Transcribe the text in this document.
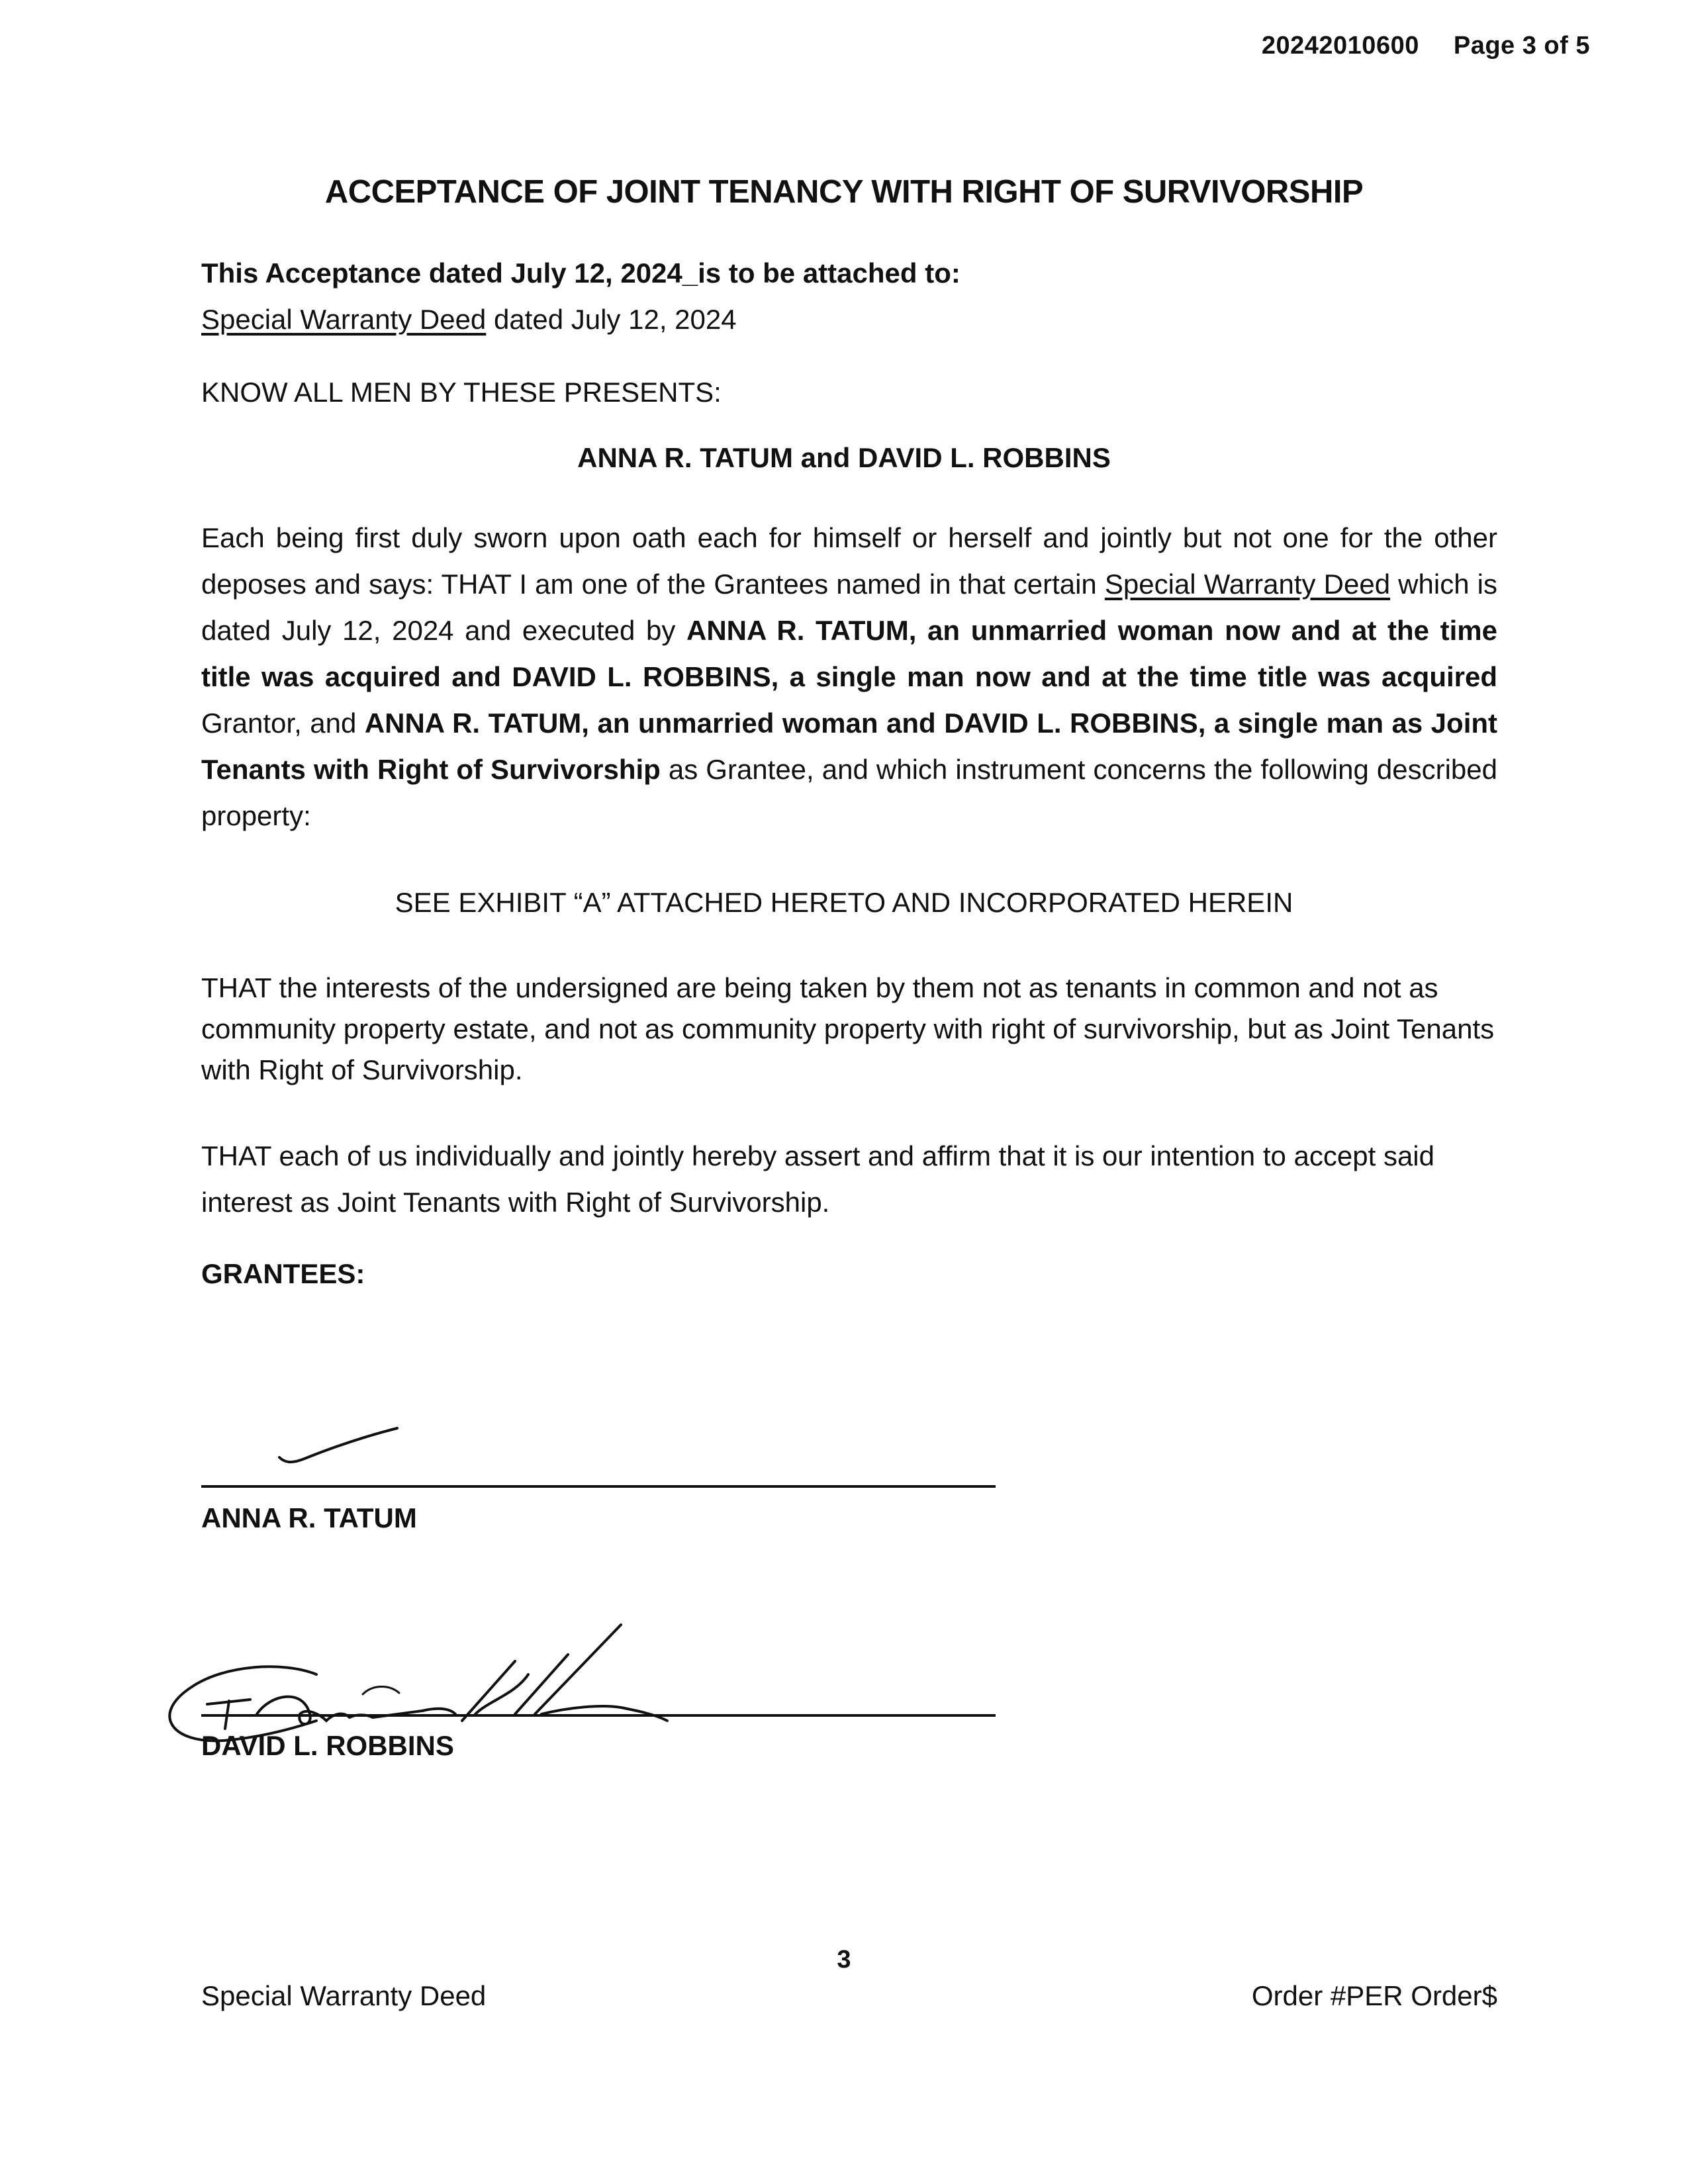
20242010600 Page 3 of 5
ACCEPTANCE OF JOINT TENANCY WITH RIGHT OF SURVIVORSHIP
This Acceptance dated July 12, 2024_is to be attached to:
Special Warranty Deed dated July 12, 2024
KNOW ALL MEN BY THESE PRESENTS:
ANNA R. TATUM and DAVID L. ROBBINS
Each being first duly sworn upon oath each for himself or herself and jointly but not one for the other deposes and says: THAT I am one of the Grantees named in that certain Special Warranty Deed which is dated July 12, 2024 and executed by ANNA R. TATUM, an unmarried woman now and at the time title was acquired and DAVID L. ROBBINS, a single man now and at the time title was acquired Grantor, and ANNA R. TATUM, an unmarried woman and DAVID L. ROBBINS, a single man as Joint Tenants with Right of Survivorship as Grantee, and which instrument concerns the following described property:
SEE EXHIBIT “A” ATTACHED HERETO AND INCORPORATED HEREIN
THAT the interests of the undersigned are being taken by them not as tenants in common and not as community property estate, and not as community property with right of survivorship, but as Joint Tenants with Right of Survivorship.
THAT each of us individually and jointly hereby assert and affirm that it is our intention to accept said interest as Joint Tenants with Right of Survivorship.
GRANTEES:
ANNA R. TATUM
DAVID L. ROBBINS
3
Special Warranty Deed	Order #PER Order$
